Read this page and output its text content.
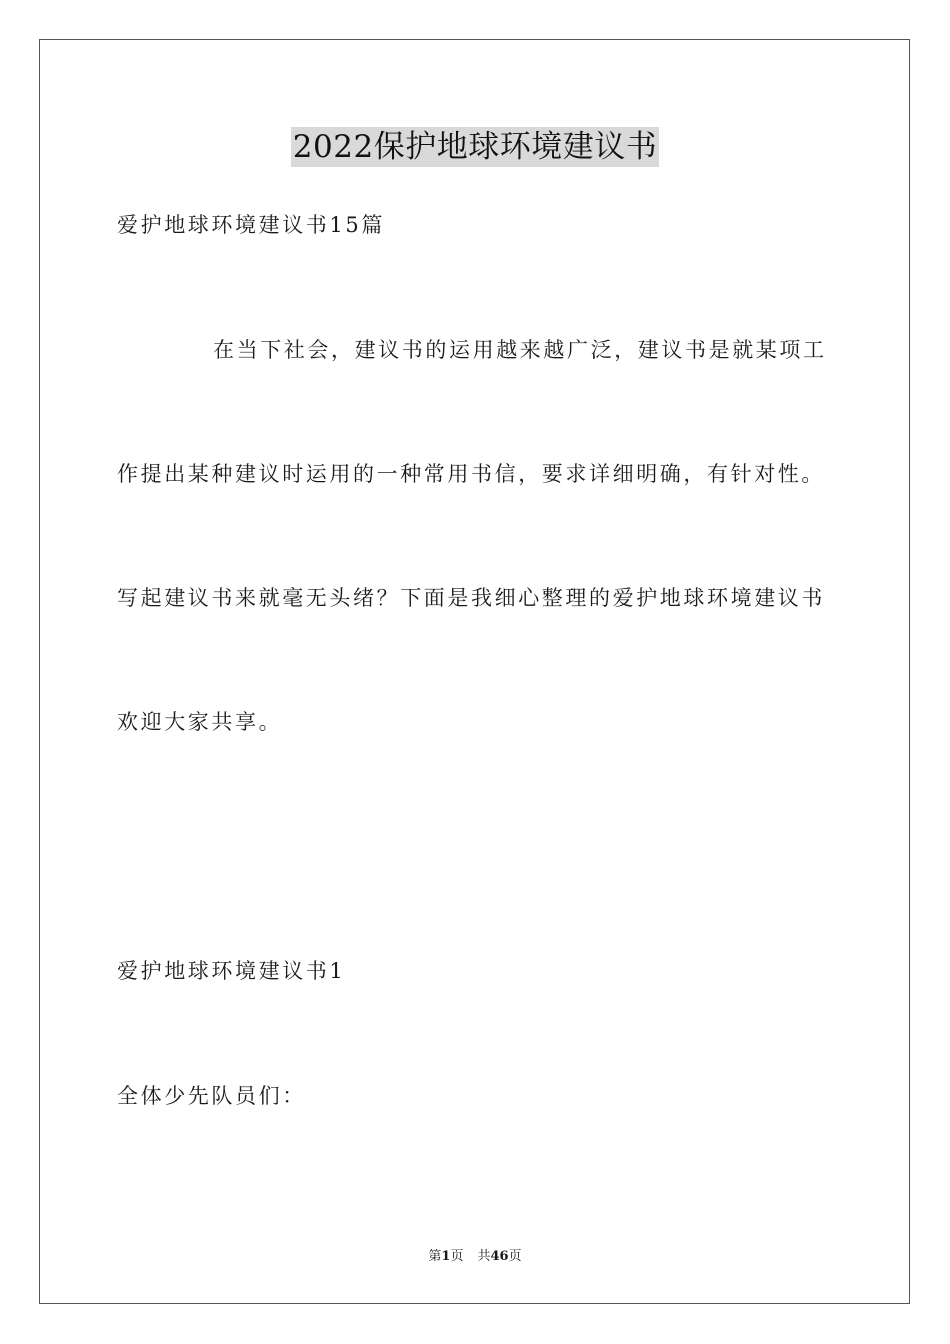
2022保护地球环境建议书
爱护地球环境建议书15篇
在当下社会，建议书的运用越来越广泛，建议书是就某项工
作提出某种建议时运用的一种常用书信，要求详细明确，有针对性。
写起建议书来就毫无头绪？下面是我细心整理的爱护地球环境建议书
欢迎大家共享。
爱护地球环境建议书1
全体少先队员们：
第1页 共46页
